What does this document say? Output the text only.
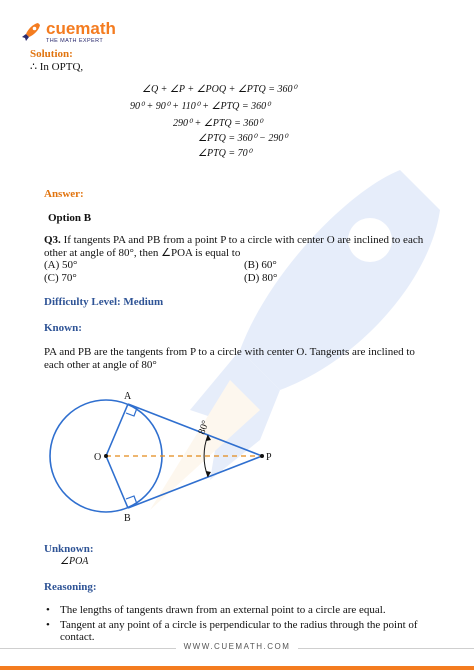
cuemath
THE MATH EXPERT
Solution:
∴ In OPTQ,
∠Q + ∠P + ∠POQ + ∠PTQ = 360⁰
90⁰ + 90⁰ + 110⁰ + ∠PTQ = 360⁰
290⁰ + ∠PTQ = 360⁰
∠PTQ = 360⁰ − 290⁰
∠PTQ = 70⁰
Answer:
Option B
Q3. If tangents PA and PB from a point P to a circle with center O are inclined to each other at angle of 80°, then ∠POA is equal to
(A) 50°	(B) 60°
(C) 70°	(D) 80°
Difficulty Level: Medium
Known:
PA and PB are the tangents from P to a circle with center O. Tangents are inclined to each other at angle of 80°
A
B
O	P
80°
Unknown:
∠POA
Reasoning:
• The lengths of tangents drawn from an external point to a circle are equal.
• Tangent at any point of a circle is perpendicular to the radius through the point of contact.
WWW.CUEMATH.COM
